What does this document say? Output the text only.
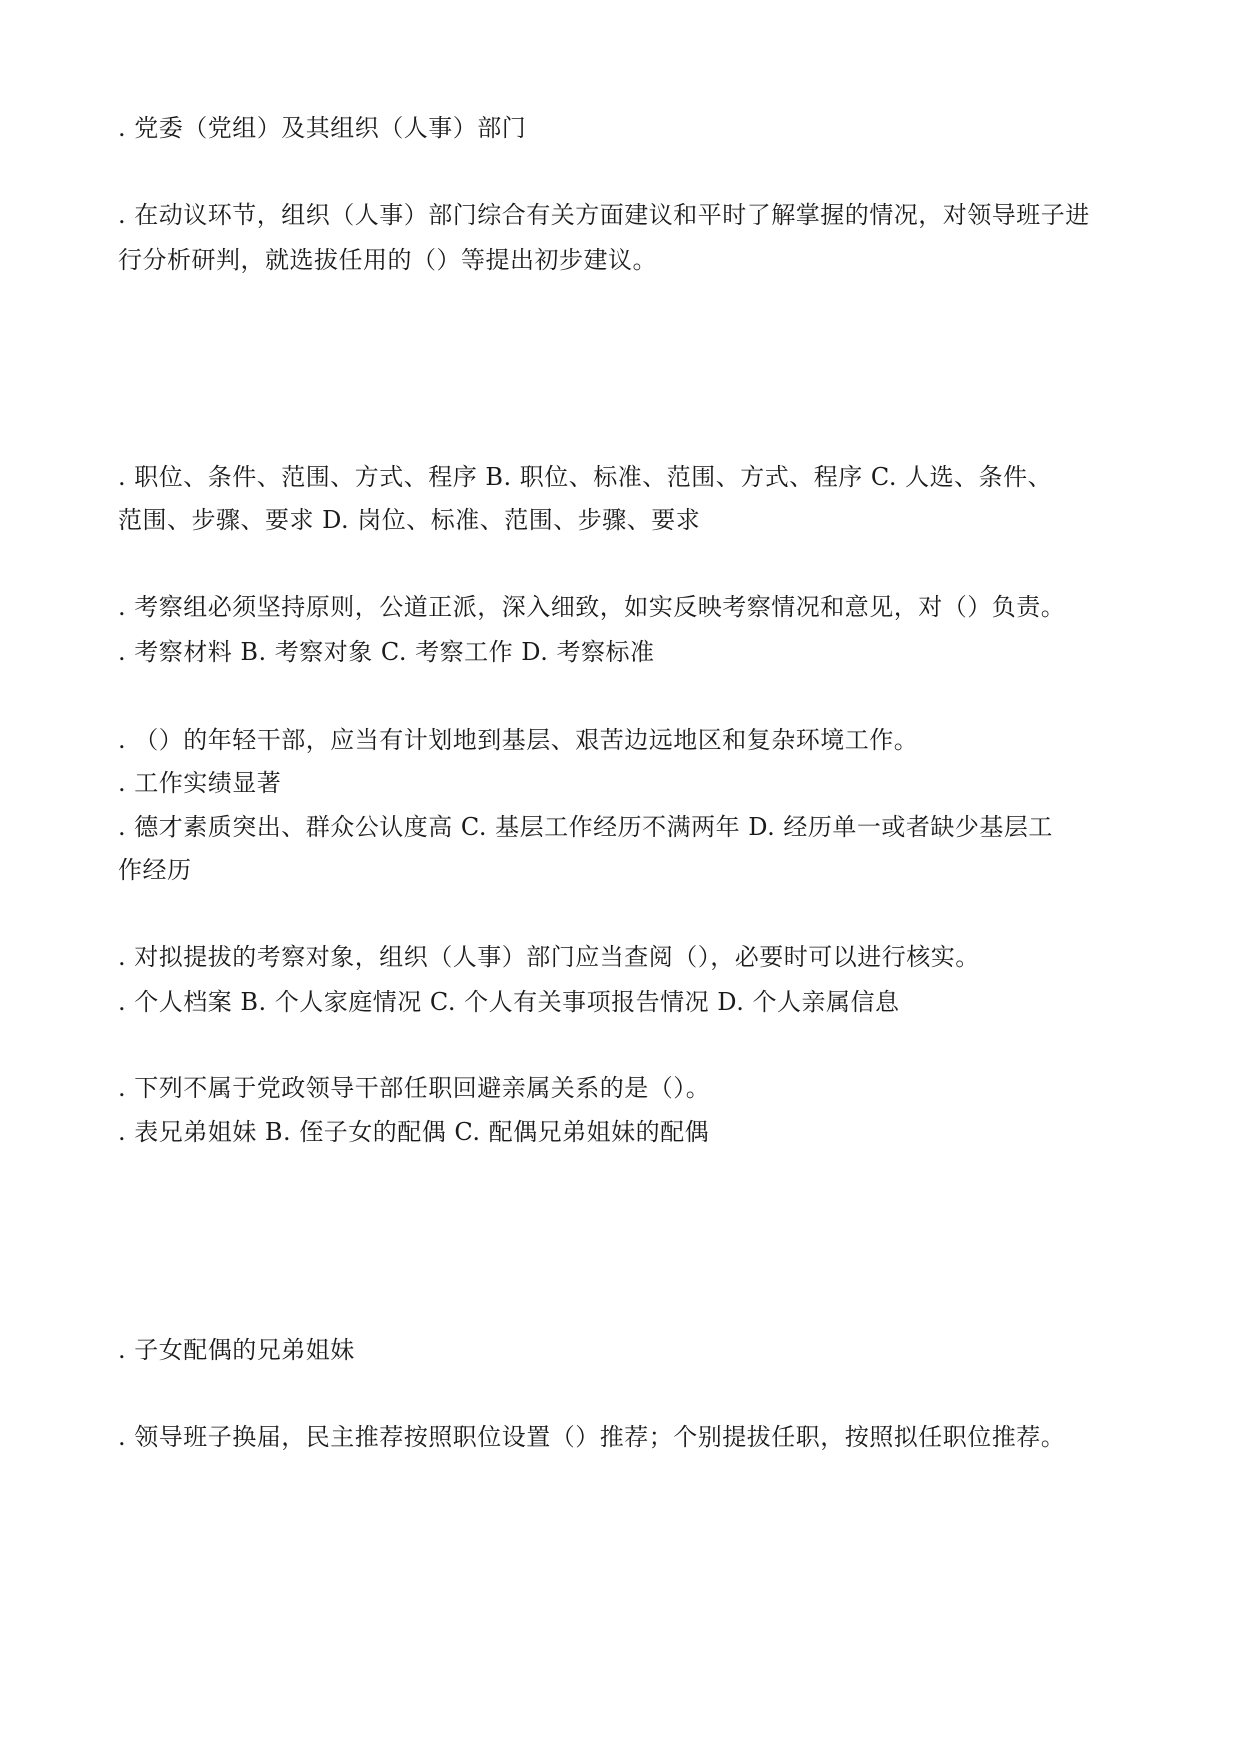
. 党委（党组）及其组织（人事）部门
. 在动议环节，组织（人事）部门综合有关方面建议和平时了解掌握的情况，对领导班子进
行分析研判，就选拔任用的（）等提出初步建议。
. 职位、条件、范围、方式、程序 B. 职位、标准、范围、方式、程序 C. 人选、条件、
范围、步骤、要求 D. 岗位、标准、范围、步骤、要求
. 考察组必须坚持原则，公道正派，深入细致，如实反映考察情况和意见，对（）负责。
. 考察材料 B. 考察对象 C. 考察工作 D. 考察标准
. （）的年轻干部，应当有计划地到基层、艰苦边远地区和复杂环境工作。
. 工作实绩显著
. 德才素质突出、群众公认度高 C. 基层工作经历不满两年 D. 经历单一或者缺少基层工
作经历
. 对拟提拔的考察对象，组织（人事）部门应当查阅（），必要时可以进行核实。
. 个人档案 B. 个人家庭情况 C. 个人有关事项报告情况 D. 个人亲属信息
. 下列不属于党政领导干部任职回避亲属关系的是（）。
. 表兄弟姐妹 B. 侄子女的配偶 C. 配偶兄弟姐妹的配偶
. 子女配偶的兄弟姐妹
. 领导班子换届，民主推荐按照职位设置（）推荐；个别提拔任职，按照拟任职位推荐。
